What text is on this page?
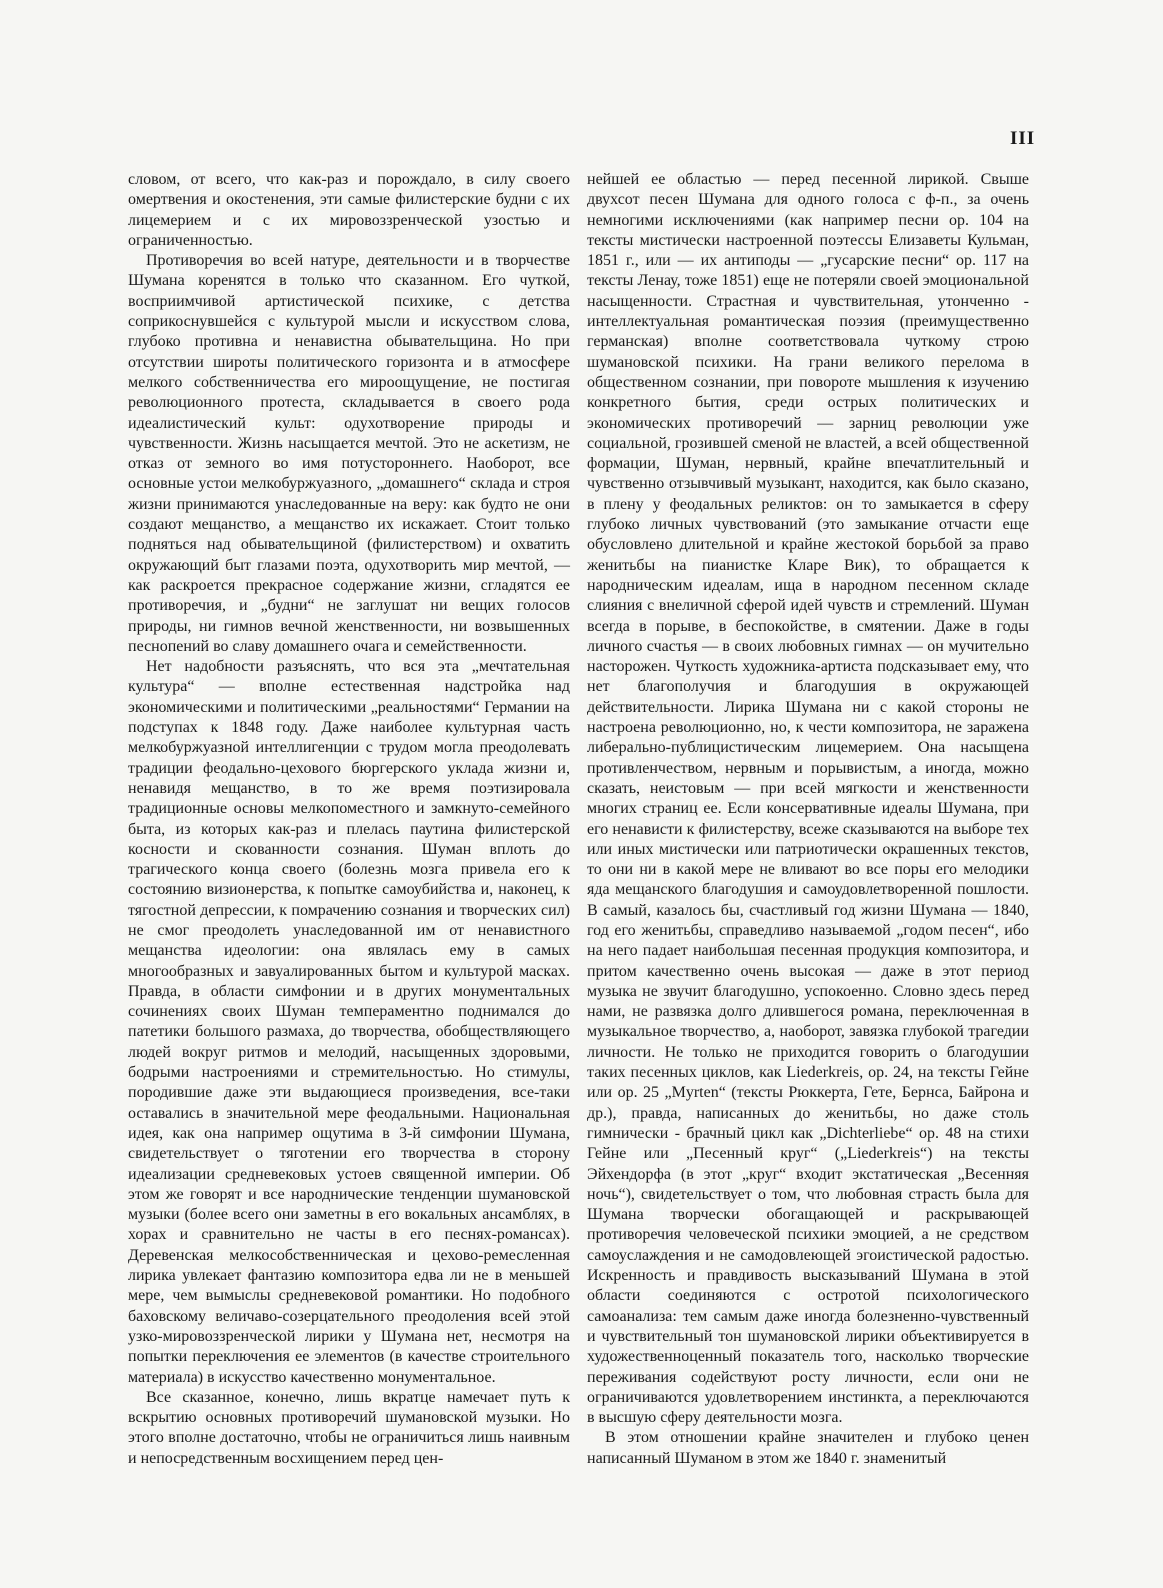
III

словом, от всего, что как-раз и порождало, в силу своего омертвения и окостенения, эти самые филистерские будни с их лицемерием и с их мировоззренческой узостью и ограниченностью.

Противоречия во всей натуре, деятельности и в творчестве Шумана коренятся в только что сказанном. Его чуткой, восприимчивой артистической психике, с детства соприкоснувшейся с культурой мысли и искусством слова, глубоко противна и ненавистна обывательщина. Но при отсутствии широты политического горизонта и в атмосфере мелкого собственничества его мироощущение, не постигая революционного протеста, складывается в своего рода идеалистический культ: одухотворение природы и чувственности. Жизнь насыщается мечтой. Это не аскетизм, не отказ от земного во имя потустороннего. Наоборот, все основные устои мелкобуржуазного, „домашнего“ склада и строя жизни принимаются унаследованные на веру: как будто не они создают мещанство, а мещанство их искажает. Стоит только подняться над обывательщиной (филистерством) и охватить окружающий быт глазами поэта, одухотворить мир мечтой, — как раскроется прекрасное содержание жизни, сгладятся ее противоречия, и „будни“ не заглушат ни вещих голосов природы, ни гимнов вечной женственности, ни возвышенных песнопений во славу домашнего очага и семейственности.

Нет надобности разъяснять, что вся эта „мечтательная культура“ — вполне естественная надстройка над экономическими и политическими „реальностями“ Германии на подступах к 1848 году. Даже наиболее культурная часть мелкобуржуазной интеллигенции с трудом могла преодолевать традиции феодально-цехового бюргерского уклада жизни и, ненавидя мещанство, в то же время поэтизировала традиционные основы мелкопоместного и замкнуто-семейного быта, из которых как-раз и плелась паутина филистерской косности и скованности сознания. Шуман вплоть до трагического конца своего (болезнь мозга привела его к состоянию визионерства, к попытке самоубийства и, наконец, к тягостной депрессии, к помрачению сознания и творческих сил) не смог преодолеть унаследованной им от ненавистного мещанства идеологии: она являлась ему в самых многообразных и завуалированных бытом и культурой масках. Правда, в области симфонии и в других монументальных сочинениях своих Шуман темпераментно поднимался до патетики большого размаха, до творчества, обобществляющего людей вокруг ритмов и мелодий, насыщенных здоровыми, бодрыми настроениями и стремительностью. Но стимулы, породившие даже эти выдающиеся произведения, все-таки оставались в значительной мере феодальными. Национальная идея, как она например ощутима в 3-й симфонии Шумана, свидетельствует о тяготении его творчества в сторону идеализации средневековых устоев священной империи. Об этом же говорят и все народнические тенденции шумановской музыки (более всего они заметны в его вокальных ансамблях, в хорах и сравнительно не часты в его песнях-романсах). Деревенская мелкособственническая и цехово-ремесленная лирика увлекает фантазию композитора едва ли не в меньшей мере, чем вымыслы средневековой романтики. Но подобного баховскому величаво-созерцательного преодоления всей этой узко-мировоззренческой лирики у Шумана нет, несмотря на попытки переключения ее элементов (в качестве строительного материала) в искусство качественно монументальное.

Все сказанное, конечно, лишь вкратце намечает путь к вскрытию основных противоречий шумановской музыки. Но этого вполне достаточно, чтобы не ограничиться лишь наивным и непосредственным восхищением перед цен-

нейшей ее областью — перед песенной лирикой. Свыше двухсот песен Шумана для одного голоса с ф-п., за очень немногими исключениями (как например песни ор. 104 на тексты мистически настроенной поэтессы Елизаветы Кульман, 1851 г., или — их антиподы — „гусарские песни“ ор. 117 на тексты Ленау, тоже 1851) еще не потеряли своей эмоциональной насыщенности. Страстная и чувствительная, утонченно - интеллектуальная романтическая поэзия (преимущественно германская) вполне соответствовала чуткому строю шумановской психики. На грани великого перелома в общественном сознании, при повороте мышления к изучению конкретного бытия, среди острых политических и экономических противоречий — зарниц революции уже социальной, грозившей сменой не властей, а всей общественной формации, Шуман, нервный, крайне впечатлительный и чувственно отзывчивый музыкант, находится, как было сказано, в плену у феодальных реликтов: он то замыкается в сферу глубоко личных чувствований (это замыкание отчасти еще обусловлено длительной и крайне жестокой борьбой за право женитьбы на пианистке Кларе Вик), то обращается к народническим идеалам, ища в народном песенном складе слияния с внеличной сферой идей чувств и стремлений. Шуман всегда в порыве, в беспокойстве, в смятении. Даже в годы личного счастья — в своих любовных гимнах — он мучительно насторожен. Чуткость художника-артиста подсказывает ему, что нет благополучия и благодушия в окружающей действительности. Лирика Шумана ни с какой стороны не настроена революционно, но, к чести композитора, не заражена либерально-публицистическим лицемерием. Она насыщена противленчеством, нервным и порывистым, а иногда, можно сказать, неистовым — при всей мягкости и женственности многих страниц ее. Если консервативные идеалы Шумана, при его ненависти к филистерству, всеже сказываются на выборе тех или иных мистически или патриотически окрашенных текстов, то они ни в какой мере не вливают во все поры его мелодики яда мещанского благодушия и самоудовлетворенной пошлости. В самый, казалось бы, счастливый год жизни Шумана — 1840, год его женитьбы, справедливо называемой „годом песен“, ибо на него падает наибольшая песенная продукция композитора, и притом качественно очень высокая — даже в этот период музыка не звучит благодушно, успокоенно. Словно здесь перед нами, не развязка долго длившегося романа, переключенная в музыкальное творчество, а, наоборот, завязка глубокой трагедии личности. Не только не приходится говорить о благодушии таких песенных циклов, как Liederkreis, ор. 24, на тексты Гейне или ор. 25 „Myrten“ (тексты Рюккерта, Гете, Бернса, Байрона и др.), правда, написанных до женитьбы, но даже столь гимнически - брачный цикл как „Dichterliebe“ ор. 48 на стихи Гейне или „Песенный круг“ („Liederkreis“) на тексты Эйхендорфа (в этот „круг“ входит экстатическая „Весенняя ночь“), свидетельствует о том, что любовная страсть была для Шумана творчески обогащающей и раскрывающей противоречия человеческой психики эмоцией, а не средством самоуслаждения и не самодовлеющей эгоистической радостью. Искренность и правдивость высказываний Шумана в этой области соединяются с остротой психологического самоанализа: тем самым даже иногда болезненно-чувственный и чувствительный тон шумановской лирики объективируется в художественноценный показатель того, насколько творческие переживания содействуют росту личности, если они не ограничиваются удовлетворением инстинкта, а переключаются в высшую сферу деятельности мозга.

В этом отношении крайне значителен и глубоко ценен написанный Шуманом в этом же 1840 г. знаменитый
